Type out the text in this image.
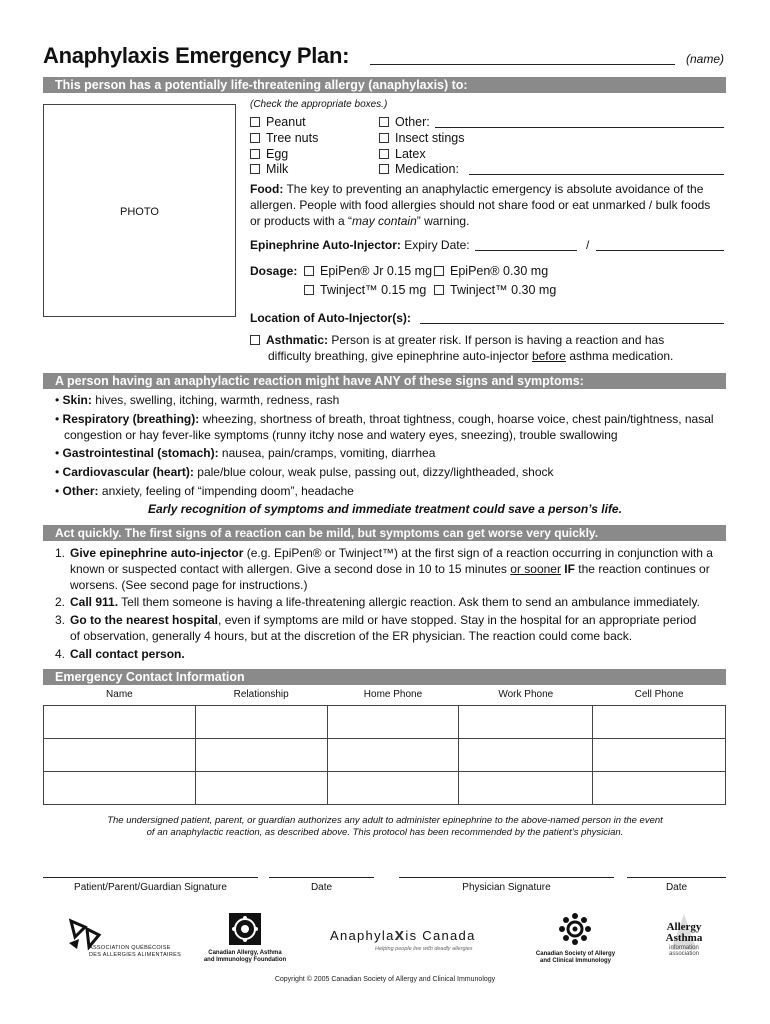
Anaphylaxis Emergency Plan:	(name)
This person has a potentially life-threatening allergy (anaphylaxis) to:
PHOTO
(Check the appropriate boxes.)
Peanut
Tree nuts
Egg
Milk
Other:
Insect stings
Latex
Medication:
Food: The key to preventing an anaphylactic emergency is absolute avoidance of the
allergen. People with food allergies should not share food or eat unmarked / bulk foods
or products with a “may contain” warning.
Epinephrine Auto-Injector: Expiry Date:	/
Dosage:	EpiPen® Jr 0.15 mg	EpiPen® 0.30 mg
Twinject™ 0.15 mg	Twinject™ 0.30 mg
Location of Auto-Injector(s):
Asthmatic: Person is at greater risk. If person is having a reaction and has
difficulty breathing, give epinephrine auto-injector before asthma medication.
A person having an anaphylactic reaction might have ANY of these signs and symptoms:
• Skin: hives, swelling, itching, warmth, redness, rash
• Respiratory (breathing): wheezing, shortness of breath, throat tightness, cough, hoarse voice, chest pain/tightness, nasal
congestion or hay fever-like symptoms (runny itchy nose and watery eyes, sneezing), trouble swallowing
• Gastrointestinal (stomach): nausea, pain/cramps, vomiting, diarrhea
• Cardiovascular (heart): pale/blue colour, weak pulse, passing out, dizzy/lightheaded, shock
• Other: anxiety, feeling of “impending doom”, headache
Early recognition of symptoms and immediate treatment could save a person’s life.
Act quickly. The first signs of a reaction can be mild, but symptoms can get worse very quickly.
1. Give epinephrine auto-injector (e.g. EpiPen® or Twinject™) at the first sign of a reaction occurring in conjunction with a
known or suspected contact with allergen. Give a second dose in 10 to 15 minutes or sooner IF the reaction continues or
worsens. (See second page for instructions.)
2. Call 911. Tell them someone is having a life-threatening allergic reaction. Ask them to send an ambulance immediately.
3. Go to the nearest hospital, even if symptoms are mild or have stopped. Stay in the hospital for an appropriate period
of observation, generally 4 hours, but at the discretion of the ER physician. The reaction could come back.
4. Call contact person.
Emergency Contact Information
Name	Relationship	Home Phone	Work Phone	Cell Phone

The undersigned patient, parent, or guardian authorizes any adult to administer epinephrine to the above-named person in the event
of an anaphylactic reaction, as described above. This protocol has been recommended by the patient’s physician.
Patient/Parent/Guardian Signature	Date	Physician Signature	Date
ASSOCIATION QUÉBÉCOISE
DES ALLERGIES ALIMENTAIRES	Canadian Allergy, Asthma
and Immunology Foundation
Anaphylaxis Canada
Helping people live with deadly allergies
Canadian Society of Allergy
and Clinical Immunology
Allergy
Asthma
information
association
Copyright © 2005 Canadian Society of Allergy and Clinical Immunology
